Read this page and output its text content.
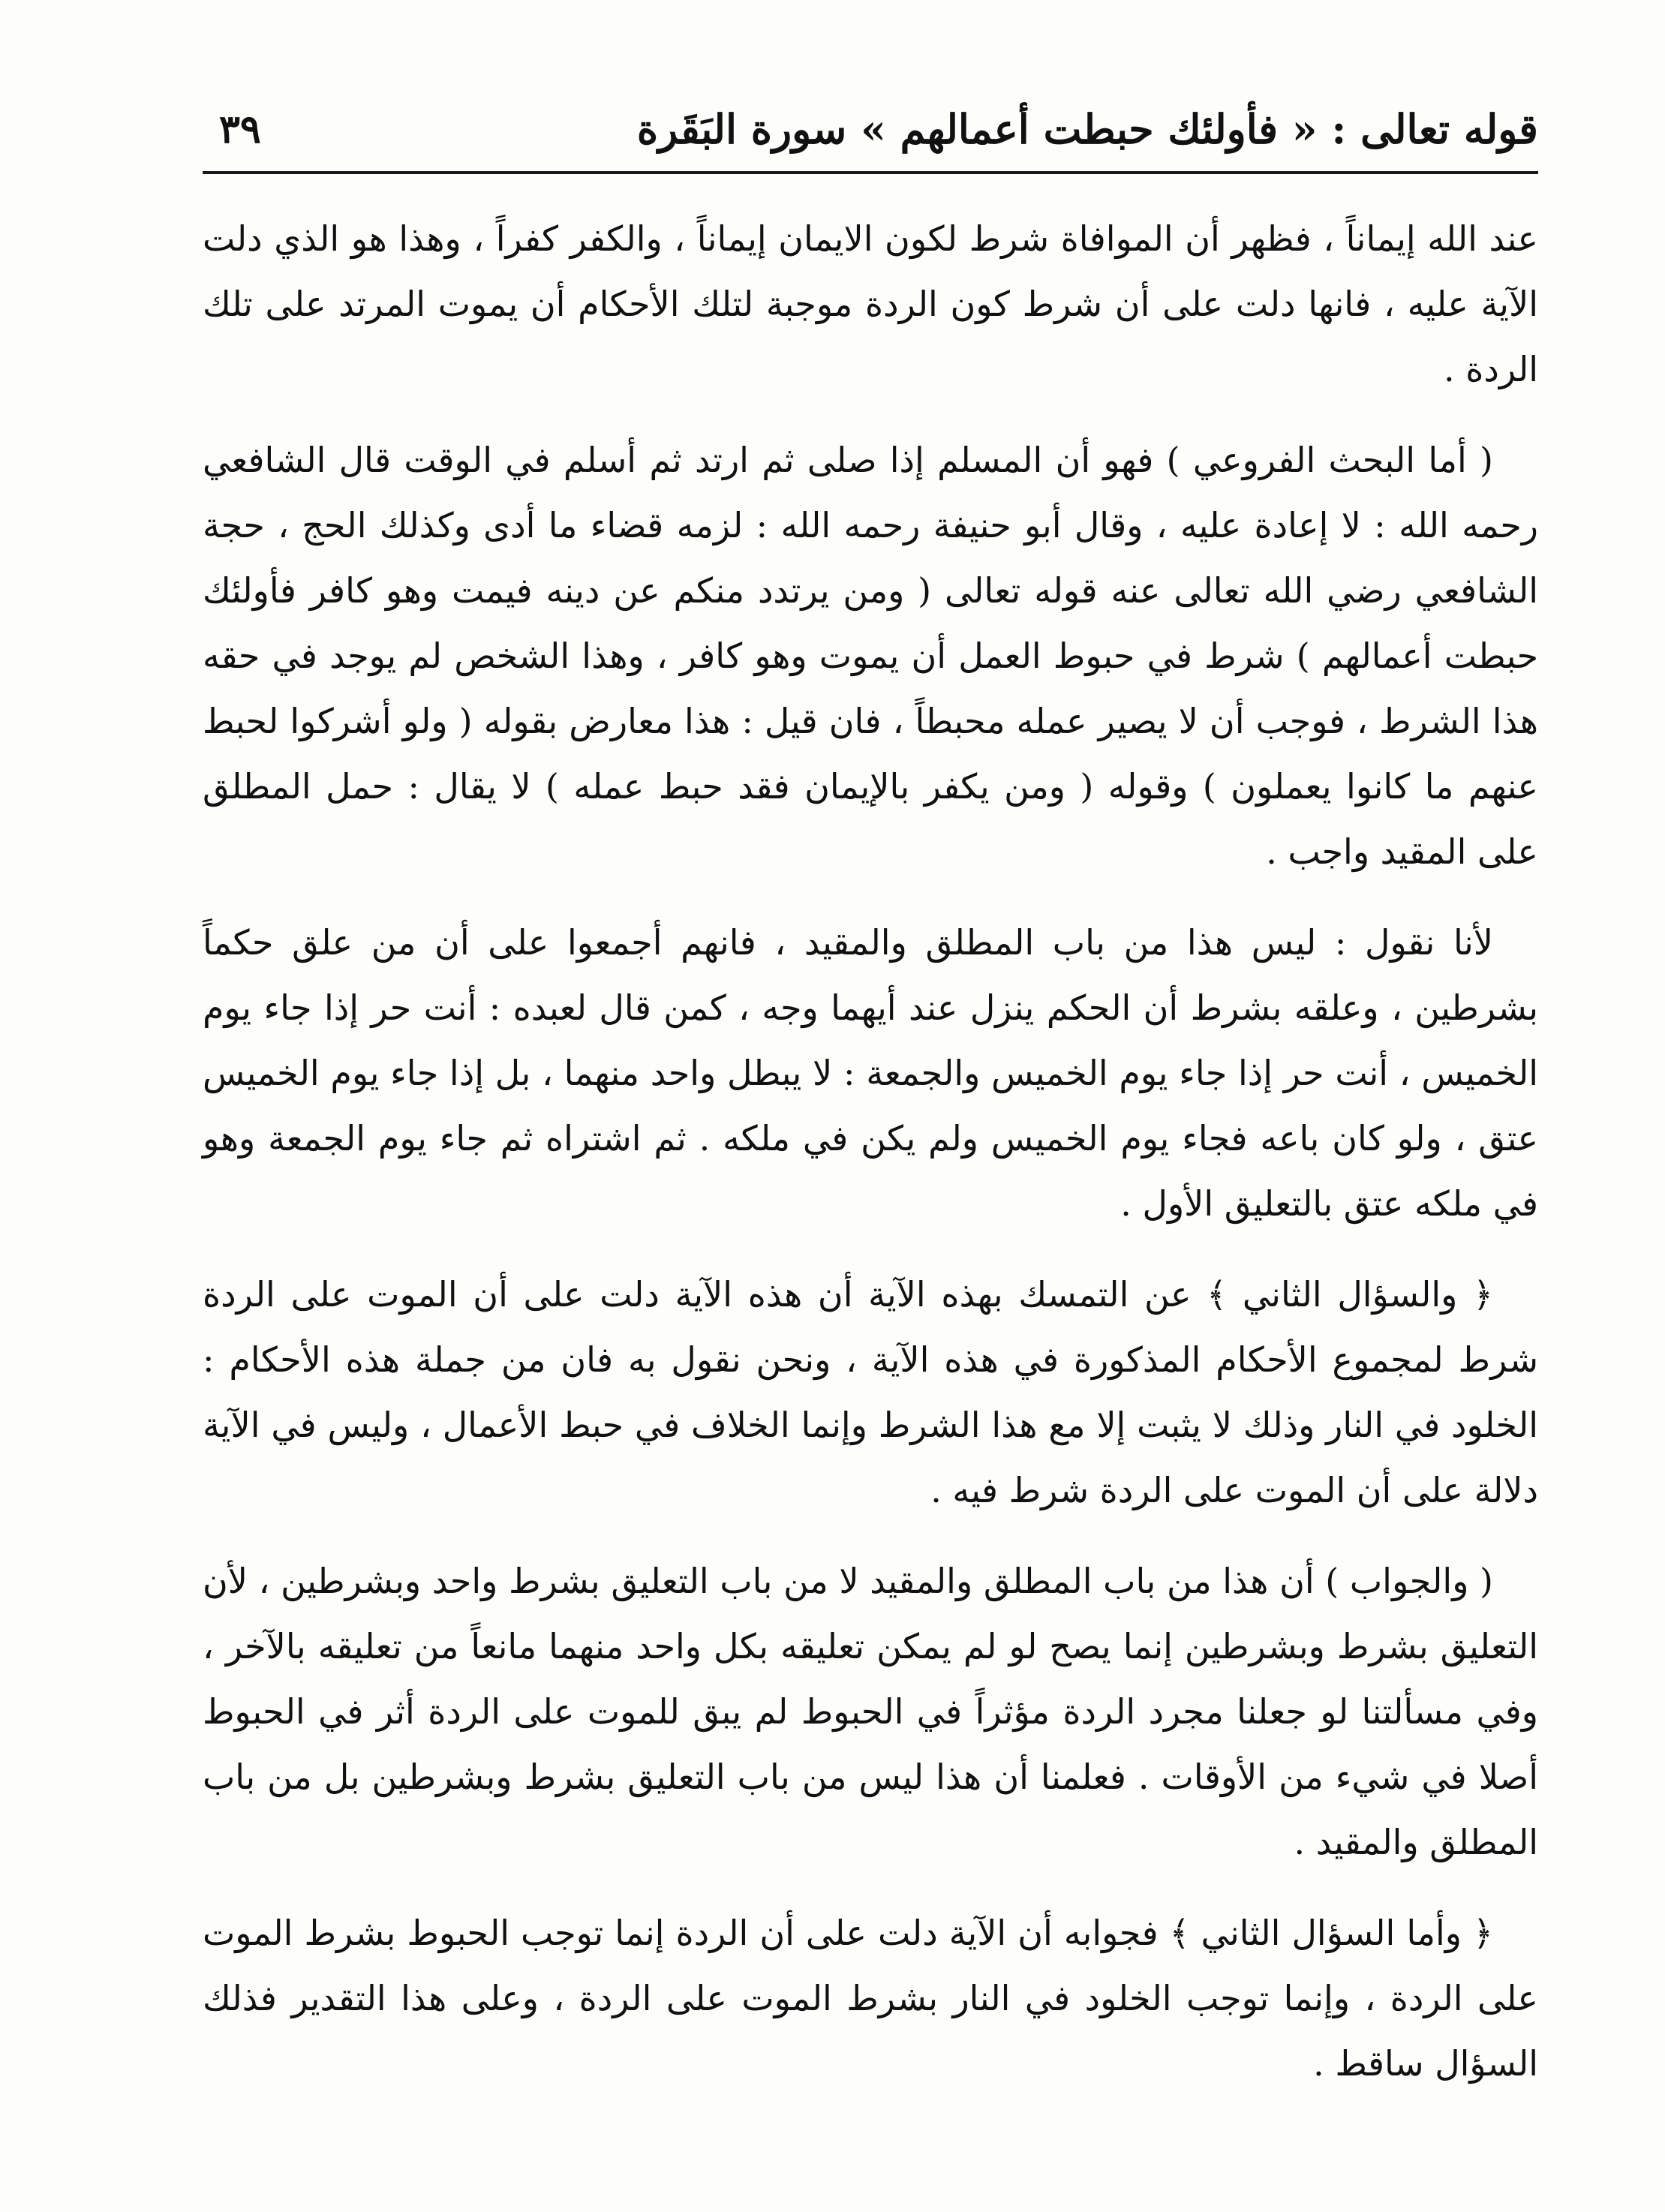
قوله تعالى : « فأولئك حبطت أعمالهم » سورة البَقَرة
٣٩

عند الله إيماناً ، فظهر أن الموافاة شرط لكون الايمان إيماناً ، والكفر كفراً ، وهذا هو الذي دلت الآية عليه ، فانها دلت على أن شرط كون الردة موجبة لتلك الأحكام أن يموت المرتد على تلك الردة .

( أما البحث الفروعي ) فهو أن المسلم إذا صلى ثم ارتد ثم أسلم في الوقت قال الشافعي رحمه الله : لا إعادة عليه ، وقال أبو حنيفة رحمه الله : لزمه قضاء ما أدى وكذلك الحج ، حجة الشافعي رضي الله تعالى عنه قوله تعالى ( ومن يرتدد منكم عن دينه فيمت وهو كافر فأولئك حبطت أعمالهم ) شرط في حبوط العمل أن يموت وهو كافر ، وهذا الشخص لم يوجد في حقه هذا الشرط ، فوجب أن لا يصير عمله محبطاً ، فان قيل : هذا معارض بقوله ( ولو أشركوا لحبط عنهم ما كانوا يعملون ) وقوله ( ومن يكفر بالإيمان فقد حبط عمله ) لا يقال : حمل المطلق على المقيد واجب .

لأنا نقول : ليس هذا من باب المطلق والمقيد ، فانهم أجمعوا على أن من علق حكماً بشرطين ، وعلقه بشرط أن الحكم ينزل عند أيهما وجه ، كمن قال لعبده : أنت حر إذا جاء يوم الخميس ، أنت حر إذا جاء يوم الخميس والجمعة : لا يبطل واحد منهما ، بل إذا جاء يوم الخميس عتق ، ولو كان باعه فجاء يوم الخميس ولم يكن في ملكه . ثم اشتراه ثم جاء يوم الجمعة وهو في ملكه عتق بالتعليق الأول .

﴿ والسؤال الثاني ﴾ عن التمسك بهذه الآية أن هذه الآية دلت على أن الموت على الردة شرط لمجموع الأحكام المذكورة في هذه الآية ، ونحن نقول به فان من جملة هذه الأحكام : الخلود في النار وذلك لا يثبت إلا مع هذا الشرط وإنما الخلاف في حبط الأعمال ، وليس في الآية دلالة على أن الموت على الردة شرط فيه .

( والجواب ) أن هذا من باب المطلق والمقيد لا من باب التعليق بشرط واحد وبشرطين ، لأن التعليق بشرط وبشرطين إنما يصح لو لم يمكن تعليقه بكل واحد منهما مانعاً من تعليقه بالآخر ، وفي مسألتنا لو جعلنا مجرد الردة مؤثراً في الحبوط لم يبق للموت على الردة أثر في الحبوط أصلا في شيء من الأوقات . فعلمنا أن هذا ليس من باب التعليق بشرط وبشرطين بل من باب المطلق والمقيد .

﴿ وأما السؤال الثاني ﴾ فجوابه أن الآية دلت على أن الردة إنما توجب الحبوط بشرط الموت على الردة ، وإنما توجب الخلود في النار بشرط الموت على الردة ، وعلى هذا التقدير فذلك السؤال ساقط .
